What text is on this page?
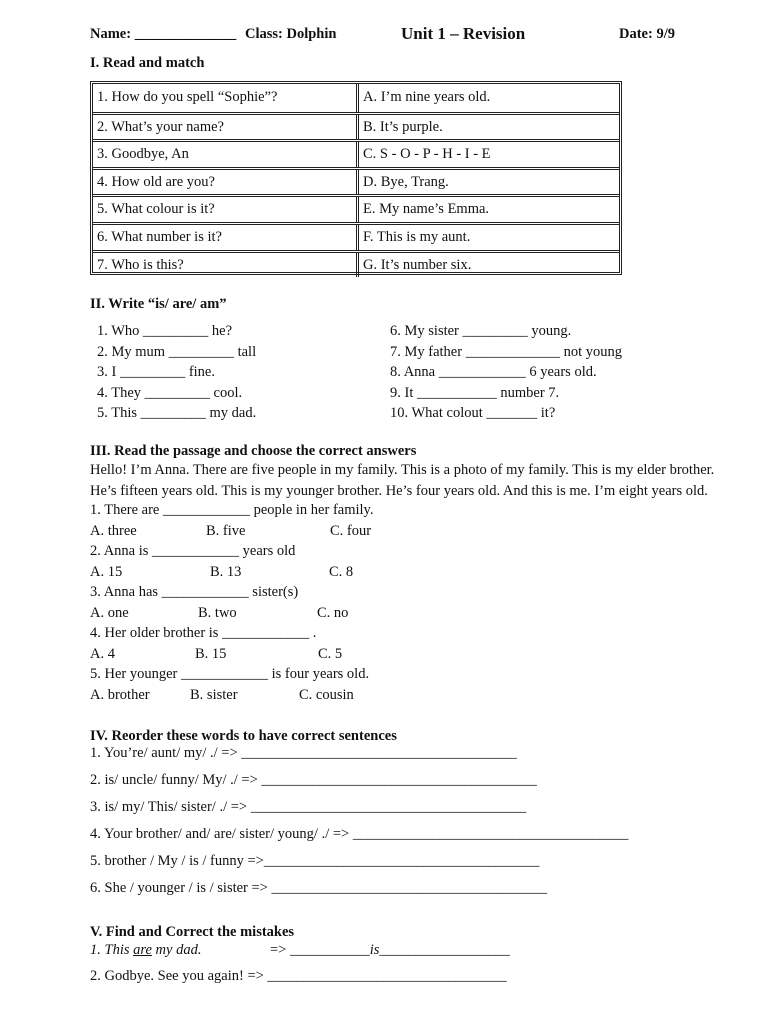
Name: ______________ Class: Dolphin	Unit 1 – Revision	Date: 9/9
I. Read and match
1. How do you spell “Sophie”?	A. I’m nine years old.
2. What’s your name?	B. It’s purple.
3. Goodbye, An	C. S - O - P - H - I - E
4. How old are you?	D. Bye, Trang.
5. What colour is it?	E. My name’s Emma.
6. What number is it?	F. This is my aunt.
7. Who is this?	G. It’s number six.
II. Write “is/ are/ am”
1. Who _________ he?
2. My mum _________ tall
3. I _________ fine.
4. They _________ cool.
5. This _________ my dad.
6. My sister _________ young.
7. My father _____________ not young
8. Anna ____________ 6 years old.
9. It ___________ number 7.
10. What colout _______ it?
III. Read the passage and choose the correct answers
Hello! I’m Anna. There are five people in my family. This is a photo of my family. This is my elder brother.
He’s fifteen years old. This is my younger brother. He’s four years old. And this is me. I’m eight years old.
1. There are ____________ people in her family.
A. three	B. five	C. four
2. Anna is ____________ years old
A. 15	B. 13	C. 8
3. Anna has ____________ sister(s)
A. one	B. two	C. no
4. Her older brother is ____________ .
A. 4	B. 15	C. 5
5. Her younger ____________ is four years old.
A. brother	B. sister	C. cousin
IV. Reorder these words to have correct sentences
1. You’re/ aunt/ my/ ./ => ______________________________________
2. is/ uncle/ funny/ My/ ./ => ______________________________________
3. is/ my/ This/ sister/ ./ => ______________________________________
4. Your brother/ and/ are/ sister/ young/ ./ => ______________________________________
5. brother / My / is / funny =>______________________________________
6. She / younger / is / sister => ______________________________________
V. Find and Correct the mistakes
1. This are my dad.	=> ___________is__________________
2. Godbye. See you again! => _________________________________
